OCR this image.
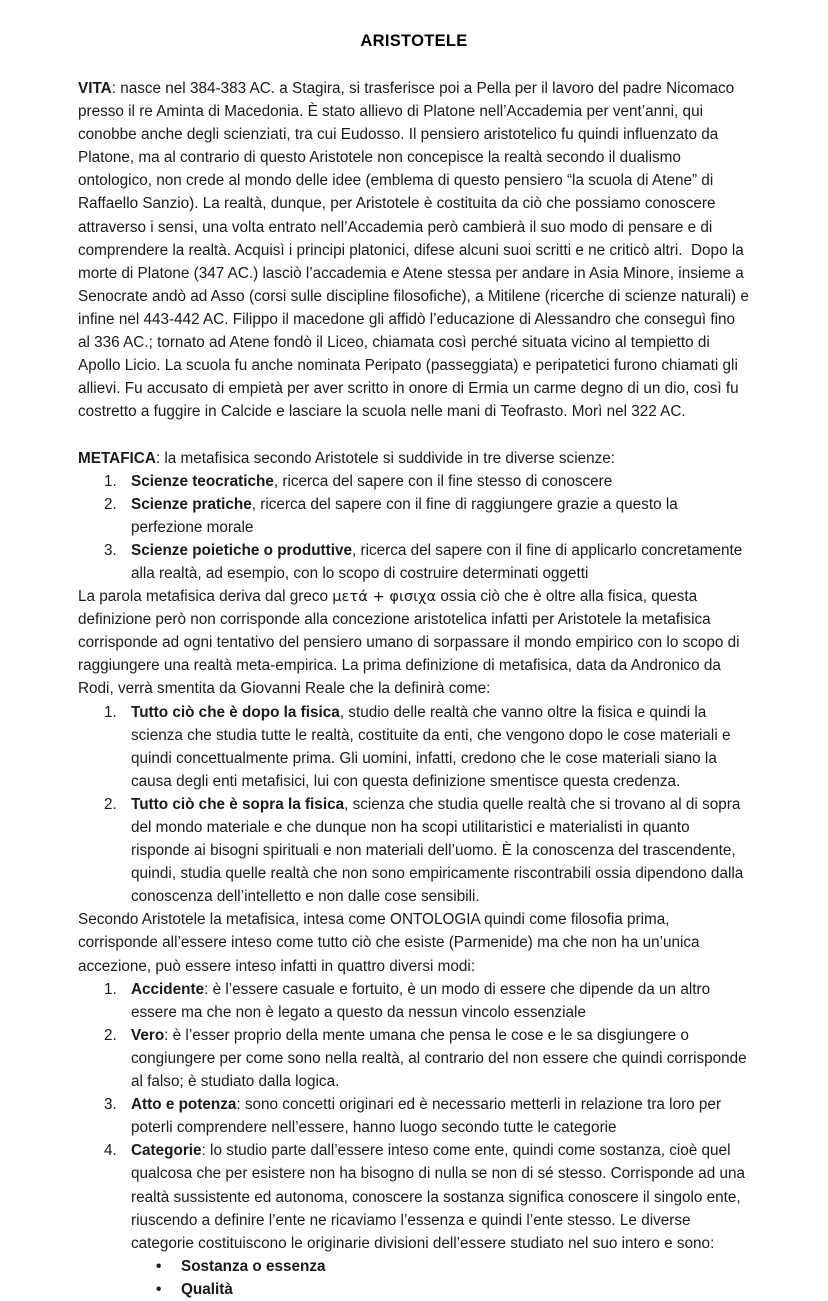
ARISTOTELE

VITA: nasce nel 384-383 AC. a Stagira, si trasferisce poi a Pella per il lavoro del padre Nicomaco presso il re Aminta di Macedonia. È stato allievo di Platone nell’Accademia per vent’anni, qui conobbe anche degli scienziati, tra cui Eudosso. Il pensiero aristotelico fu quindi influenzato da Platone, ma al contrario di questo Aristotele non concepisce la realtà secondo il dualismo ontologico, non crede al mondo delle idee (emblema di questo pensiero “la scuola di Atene” di Raffaello Sanzio). La realtà, dunque, per Aristotele è costituita da ciò che possiamo conoscere attraverso i sensi, una volta entrato nell’Accademia però cambierà il suo modo di pensare e di comprendere la realtà. Acquisì i principi platonici, difese alcuni suoi scritti e ne criticò altri.  Dopo la morte di Platone (347 AC.) lasciò l’accademia e Atene stessa per andare in Asia Minore, insieme a Senocrate andò ad Asso (corsi sulle discipline filosofiche), a Mitilene (ricerche di scienze naturali) e infine nel 443-442 AC. Filippo il macedone gli affidò l’educazione di Alessandro che conseguì fino al 336 AC.; tornato ad Atene fondò il Liceo, chiamata così perché situata vicino al tempietto di Apollo Licio. La scuola fu anche nominata Peripato (passeggiata) e peripatetici furono chiamati gli allievi. Fu accusato di empietà per aver scritto in onore di Ermia un carme degno di un dio, così fu costretto a fuggire in Calcide e lasciare la scuola nelle mani di Teofrasto. Morì nel 322 AC.

METAFICA: la metafisica secondo Aristotele si suddivide in tre diverse scienze:

1. Scienze teocratiche, ricerca del sapere con il fine stesso di conoscere
2. Scienze pratiche, ricerca del sapere con il fine di raggiungere grazie a questo la perfezione morale
3. Scienze poietiche o produttive, ricerca del sapere con il fine di applicarlo concretamente alla realtà, ad esempio, con lo scopo di costruire determinati oggetti

La parola metafisica deriva dal greco μετά + φισιχα ossia ciò che è oltre alla fisica, questa definizione però non corrisponde alla concezione aristotelica infatti per Aristotele la metafisica corrisponde ad ogni tentativo del pensiero umano di sorpassare il mondo empirico con lo scopo di raggiungere una realtà meta-empirica. La prima definizione di metafisica, data da Andronico da Rodi, verrà smentita da Giovanni Reale che la definirà come:

1. Tutto ciò che è dopo la fisica, studio delle realtà che vanno oltre la fisica e quindi la scienza che studia tutte le realtà, costituite da enti, che vengono dopo le cose materiali e quindi concettualmente prima. Gli uomini, infatti, credono che le cose materiali siano la causa degli enti metafisici, lui con questa definizione smentisce questa credenza.
2. Tutto ciò che è sopra la fisica, scienza che studia quelle realtà che si trovano al di sopra del mondo materiale e che dunque non ha scopi utilitaristici e materialisti in quanto risponde ai bisogni spirituali e non materiali dell’uomo. È la conoscenza del trascendente, quindi, studia quelle realtà che non sono empiricamente riscontrabili ossia dipendono dalla conoscenza dell’intelletto e non dalle cose sensibili.

Secondo Aristotele la metafisica, intesa come ONTOLOGIA quindi come filosofia prima, corrisponde all’essere inteso come tutto ciò che esiste (Parmenide) ma che non ha un’unica accezione, può essere inteso infatti in quattro diversi modi:

1. Accidente: è l’essere casuale e fortuito, è un modo di essere che dipende da un altro essere ma che non è legato a questo da nessun vincolo essenziale
2. Vero: è l’esser proprio della mente umana che pensa le cose e le sa disgiungere o congiungere per come sono nella realtà, al contrario del non essere che quindi corrisponde al falso; è studiato dalla logica.
3. Atto e potenza: sono concetti originari ed è necessario metterli in relazione tra loro per poterli comprendere nell’essere, hanno luogo secondo tutte le categorie
4. Categorie: lo studio parte dall’essere inteso come ente, quindi come sostanza, cioè quel qualcosa che per esistere non ha bisogno di nulla se non di sé stesso. Corrisponde ad una realtà sussistente ed autonoma, conoscere la sostanza significa conoscere il singolo ente, riuscendo a definire l’ente ne ricaviamo l’essenza e quindi l’ente stesso. Le diverse categorie costituiscono le originarie divisioni dell’essere studiato nel suo intero e sono:
• Sostanza o essenza
• Qualità
